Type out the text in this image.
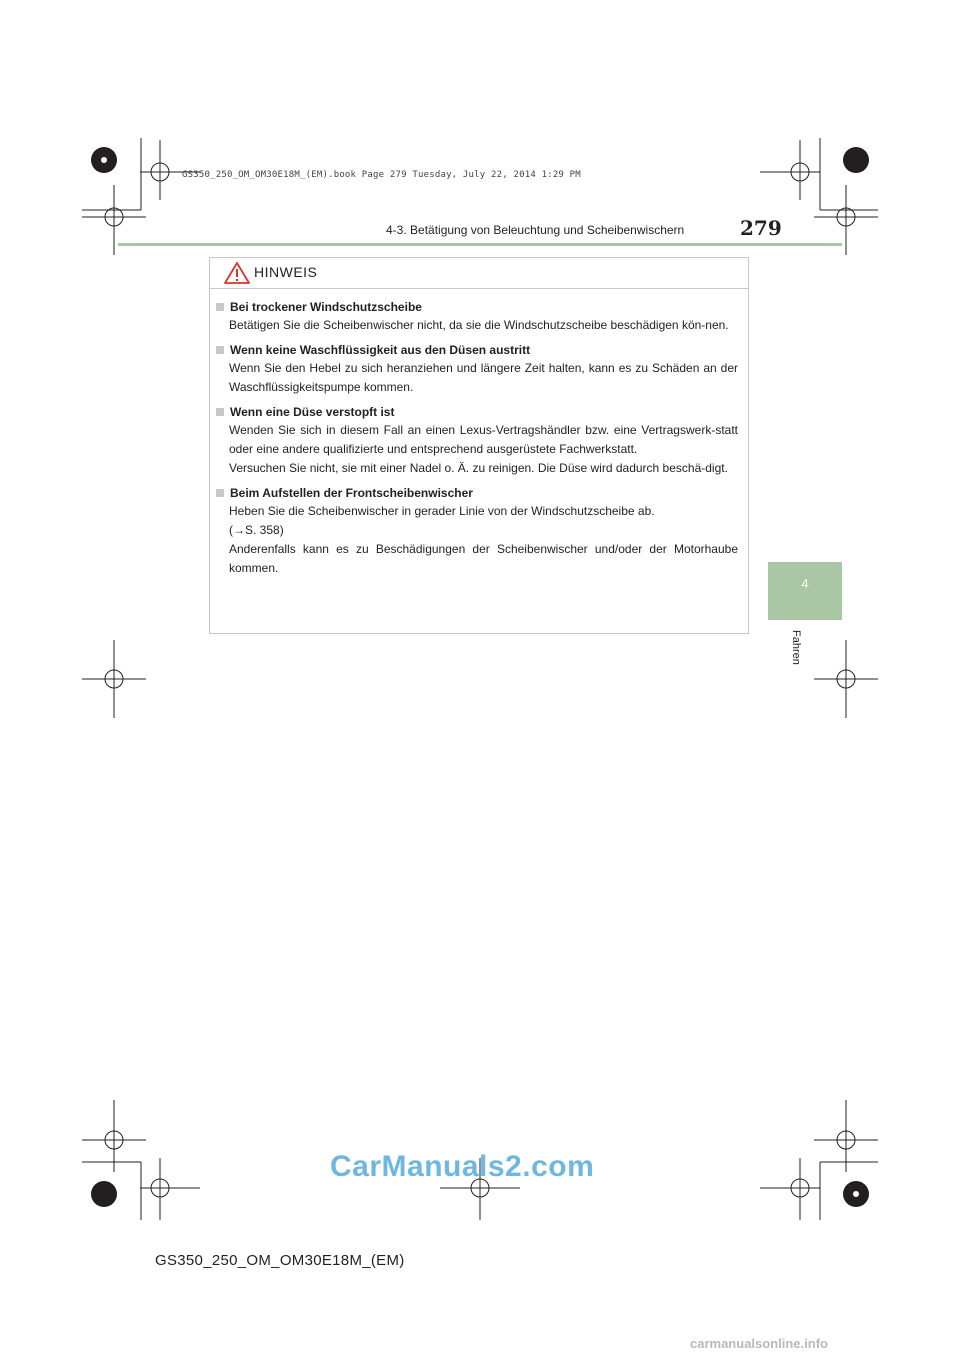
GS350_250_OM_OM30E18M_(EM).book Page 279 Tuesday, July 22, 2014 1:29 PM
4-3. Betätigung von Beleuchtung und Scheibenwischern	279
4
Fahren
HINWEIS
Bei trockener Windschutzscheibe
Betätigen Sie die Scheibenwischer nicht, da sie die Windschutzscheibe beschädigen kön-nen.
Wenn keine Waschflüssigkeit aus den Düsen austritt
Wenn Sie den Hebel zu sich heranziehen und längere Zeit halten, kann es zu Schäden an der Waschflüssigkeitspumpe kommen.
Wenn eine Düse verstopft ist
Wenden Sie sich in diesem Fall an einen Lexus-Vertragshändler bzw. eine Vertragswerk-statt oder eine andere qualifizierte und entsprechend ausgerüstete Fachwerkstatt.
Versuchen Sie nicht, sie mit einer Nadel o. Ä. zu reinigen. Die Düse wird dadurch beschä-digt.
Beim Aufstellen der Frontscheibenwischer
Heben Sie die Scheibenwischer in gerader Linie von der Windschutzscheibe ab.
(→S. 358)
Anderenfalls kann es zu Beschädigungen der Scheibenwischer und/oder der Motorhaube kommen.
CarManuals2.com
GS350_250_OM_OM30E18M_(EM)
carmanualsonline.info
